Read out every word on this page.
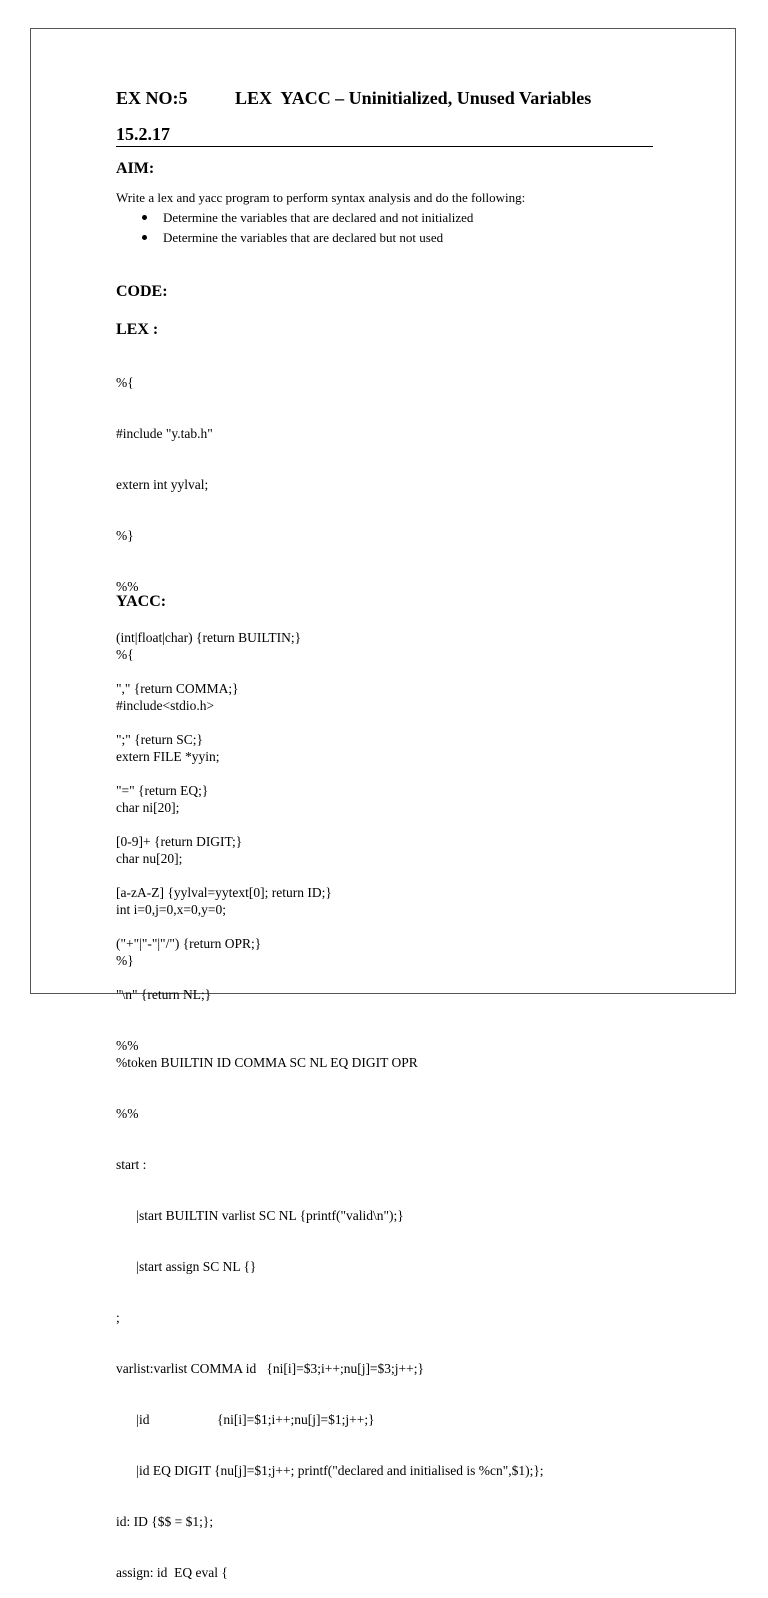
EX NO:5	LEX  YACC – Uninitialized, Unused Variables
15.2.17
AIM:
Write a lex and yacc program to perform syntax analysis and do the following:
Determine the variables that are declared and not initialized
Determine the variables that are declared but not used
CODE:
LEX :

%{

#include "y.tab.h"

extern int yylval;

%}

%%

(int|float|char) {return BUILTIN;}

"," {return COMMA;}

";" {return SC;}

"=" {return EQ;}

[0-9]+ {return DIGIT;}

[a-zA-Z] {yylval=yytext[0]; return ID;}

("+"|"-"|"/") {return OPR;}

"\n" {return NL;}

%%

YACC:

%{

#include<stdio.h>

extern FILE *yyin;

char ni[20];

char nu[20];

int i=0,j=0,x=0,y=0;

%}

%token BUILTIN ID COMMA SC NL EQ DIGIT OPR

%%

start :

	|start BUILTIN varlist SC NL {printf("valid\n");}

	|start assign SC NL {}

;

varlist:varlist COMMA id   {ni[i]=$3;i++;nu[j]=$3;j++;}

	|id                    {ni[i]=$1;i++;nu[j]=$1;j++;}

	|id EQ DIGIT {nu[j]=$1;j++; printf("declared and initialised is %cn",$1);};

id: ID {$$ = $1;};

assign: id  EQ eval {
